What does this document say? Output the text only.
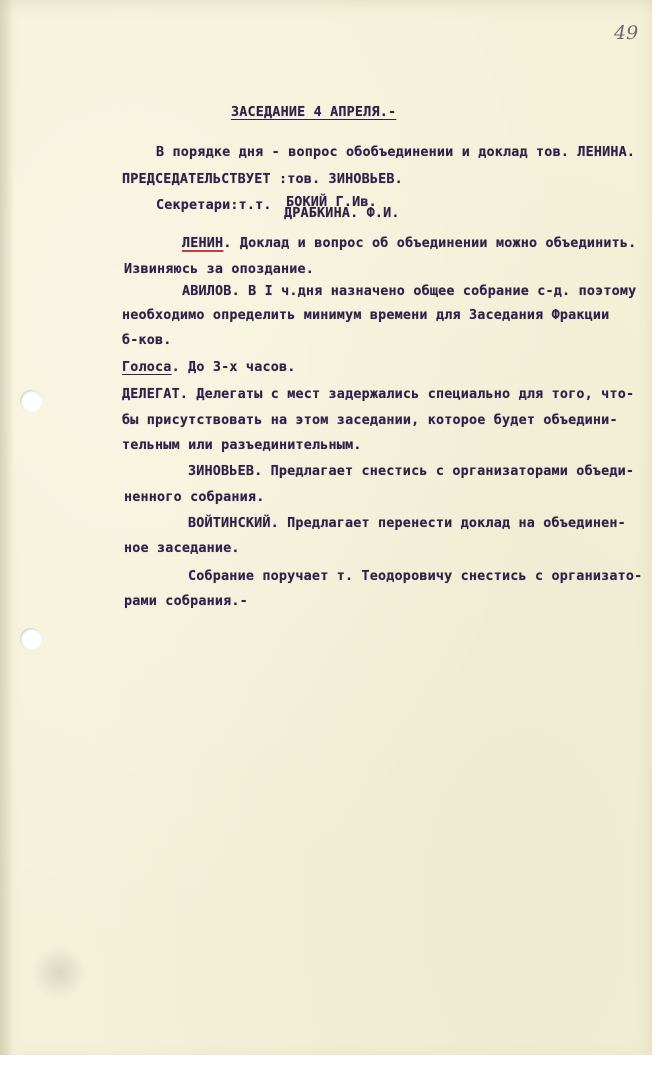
49
ЗАСЕДАНИЕ 4 АПРЕЛЯ.-
В порядке дня - вопрос обобъединении и доклад тов. ЛЕНИНА.
ПРЕДСЕДАТЕЛЬСТВУЕТ :тов. ЗИНОВЬЕВ.
Секретари:т.т. БОКИЙ Г.Ив.
ДРАБКИНА. Ф.И.
ЛЕНИН. Доклад и вопрос об объединении можно объединить.
Извиняюсь за опоздание.
АВИЛОВ. В I ч.дня назначено общее собрание с-д. поэтому
необходимо определить минимум времени для Заседания Фракции
б-ков.
Голоса. До 3-х часов.
ДЕЛЕГАТ. Делегаты с мест задержались специально для того, что-
бы присутствовать на этом заседании, которое будет объедини-
тельным или разъединительным.
ЗИНОВЬЕВ. Предлагает снестись с организаторами объеди-
ненного собрания.
ВОЙТИНСКИЙ. Предлагает перенести доклад на объединен-
ное заседание.
Собрание поручает т. Теодоровичу снестись с организато-
рами собрания.-
